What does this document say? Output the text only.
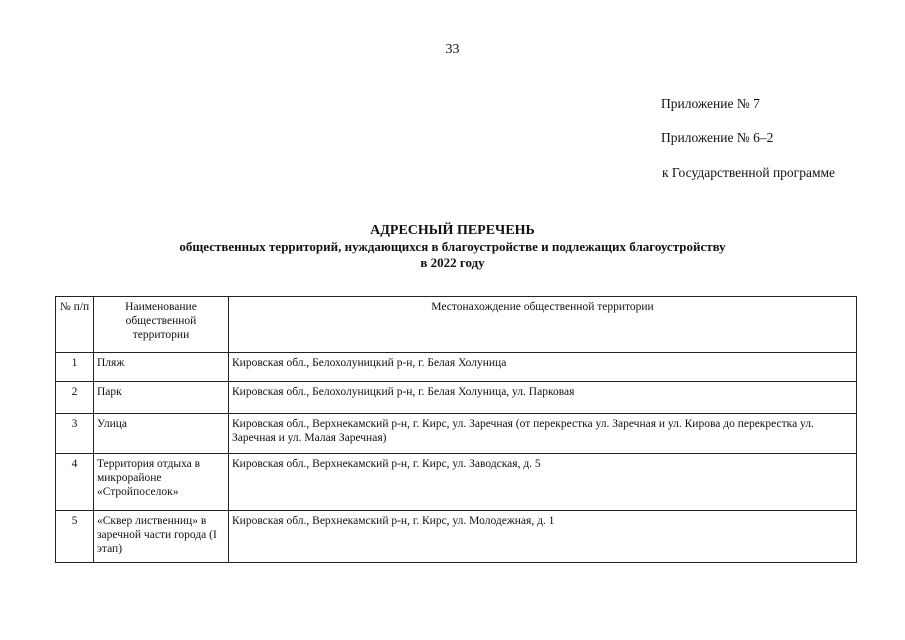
33
Приложение № 7
Приложение № 6–2
к Государственной программе
АДРЕСНЫЙ ПЕРЕЧЕНЬ
общественных территорий, нуждающихся в благоустройстве и подлежащих благоустройству
в 2022 году
№ п/п	Наименование общественной территории	Местонахождение общественной территории
1	Пляж	Кировская обл., Белохолуницкий р-н, г. Белая Холуница
2	Парк	Кировская обл., Белохолуницкий р-н, г. Белая Холуница, ул. Парковая
3	Улица	Кировская обл., Верхнекамский р-н, г. Кирс, ул. Заречная (от перекрестка ул. Заречная и ул. Кирова до перекрестка ул. Заречная и ул. Малая Заречная)
4	Территория отдыха в микрорайоне «Стройпоселок»	Кировская обл., Верхнекамский р-н, г. Кирс, ул. Заводская, д. 5
5	«Сквер лиственниц» в заречной части города (I этап)	Кировская обл., Верхнекамский р-н, г. Кирс, ул. Молодежная, д. 1
